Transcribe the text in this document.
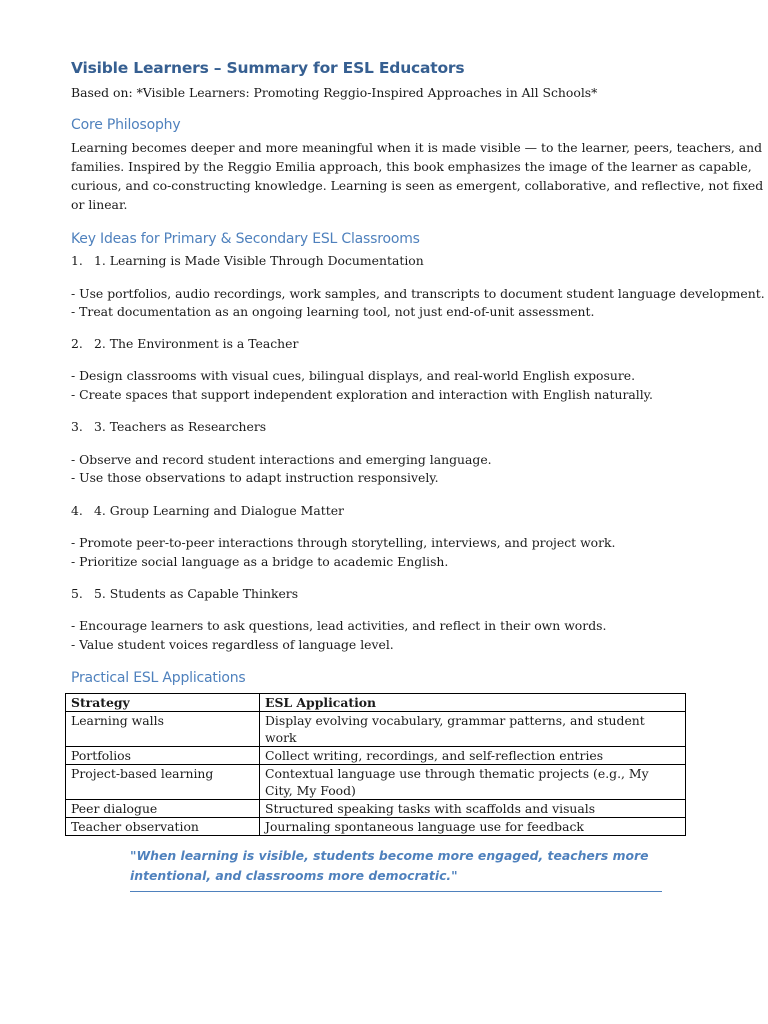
Visible Learners – Summary for ESL Educators

Based on: *Visible Learners: Promoting Reggio-Inspired Approaches in All Schools*

Core Philosophy

Learning becomes deeper and more meaningful when it is made visible — to the learner, peers, teachers, and

families. Inspired by the Reggio Emilia approach, this book emphasizes the image of the learner as capable,

curious, and co-constructing knowledge. Learning is seen as emergent, collaborative, and reflective, not fixed

or linear.

Key Ideas for Primary & Secondary ESL Classrooms
1. 1. Learning is Made Visible Through Documentation

- Use portfolios, audio recordings, work samples, and transcripts to document student language development.

- Treat documentation as an ongoing learning tool, not just end-of-unit assessment.

2. 2. The Environment is a Teacher

- Design classrooms with visual cues, bilingual displays, and real-world English exposure.

- Create spaces that support independent exploration and interaction with English naturally.

3. 3. Teachers as Researchers

- Observe and record student interactions and emerging language.

- Use those observations to adapt instruction responsively.

4. 4. Group Learning and Dialogue Matter

- Promote peer-to-peer interactions through storytelling, interviews, and project work.

- Prioritize social language as a bridge to academic English.

5. 5. Students as Capable Thinkers

- Encourage learners to ask questions, lead activities, and reflect in their own words.

- Value student voices regardless of language level.

Practical ESL Applications
Strategy	ESL Application
Learning walls	Display evolving vocabulary, grammar patterns, and student work
Portfolios	Collect writing, recordings, and self-reflection entries
Project-based learning	Contextual language use through thematic projects (e.g., My City, My Food)
Peer dialogue	Structured speaking tasks with scaffolds and visuals
Teacher observation	Journaling spontaneous language use for feedback
"When learning is visible, students become more engaged, teachers more intentional, and classrooms more democratic."
